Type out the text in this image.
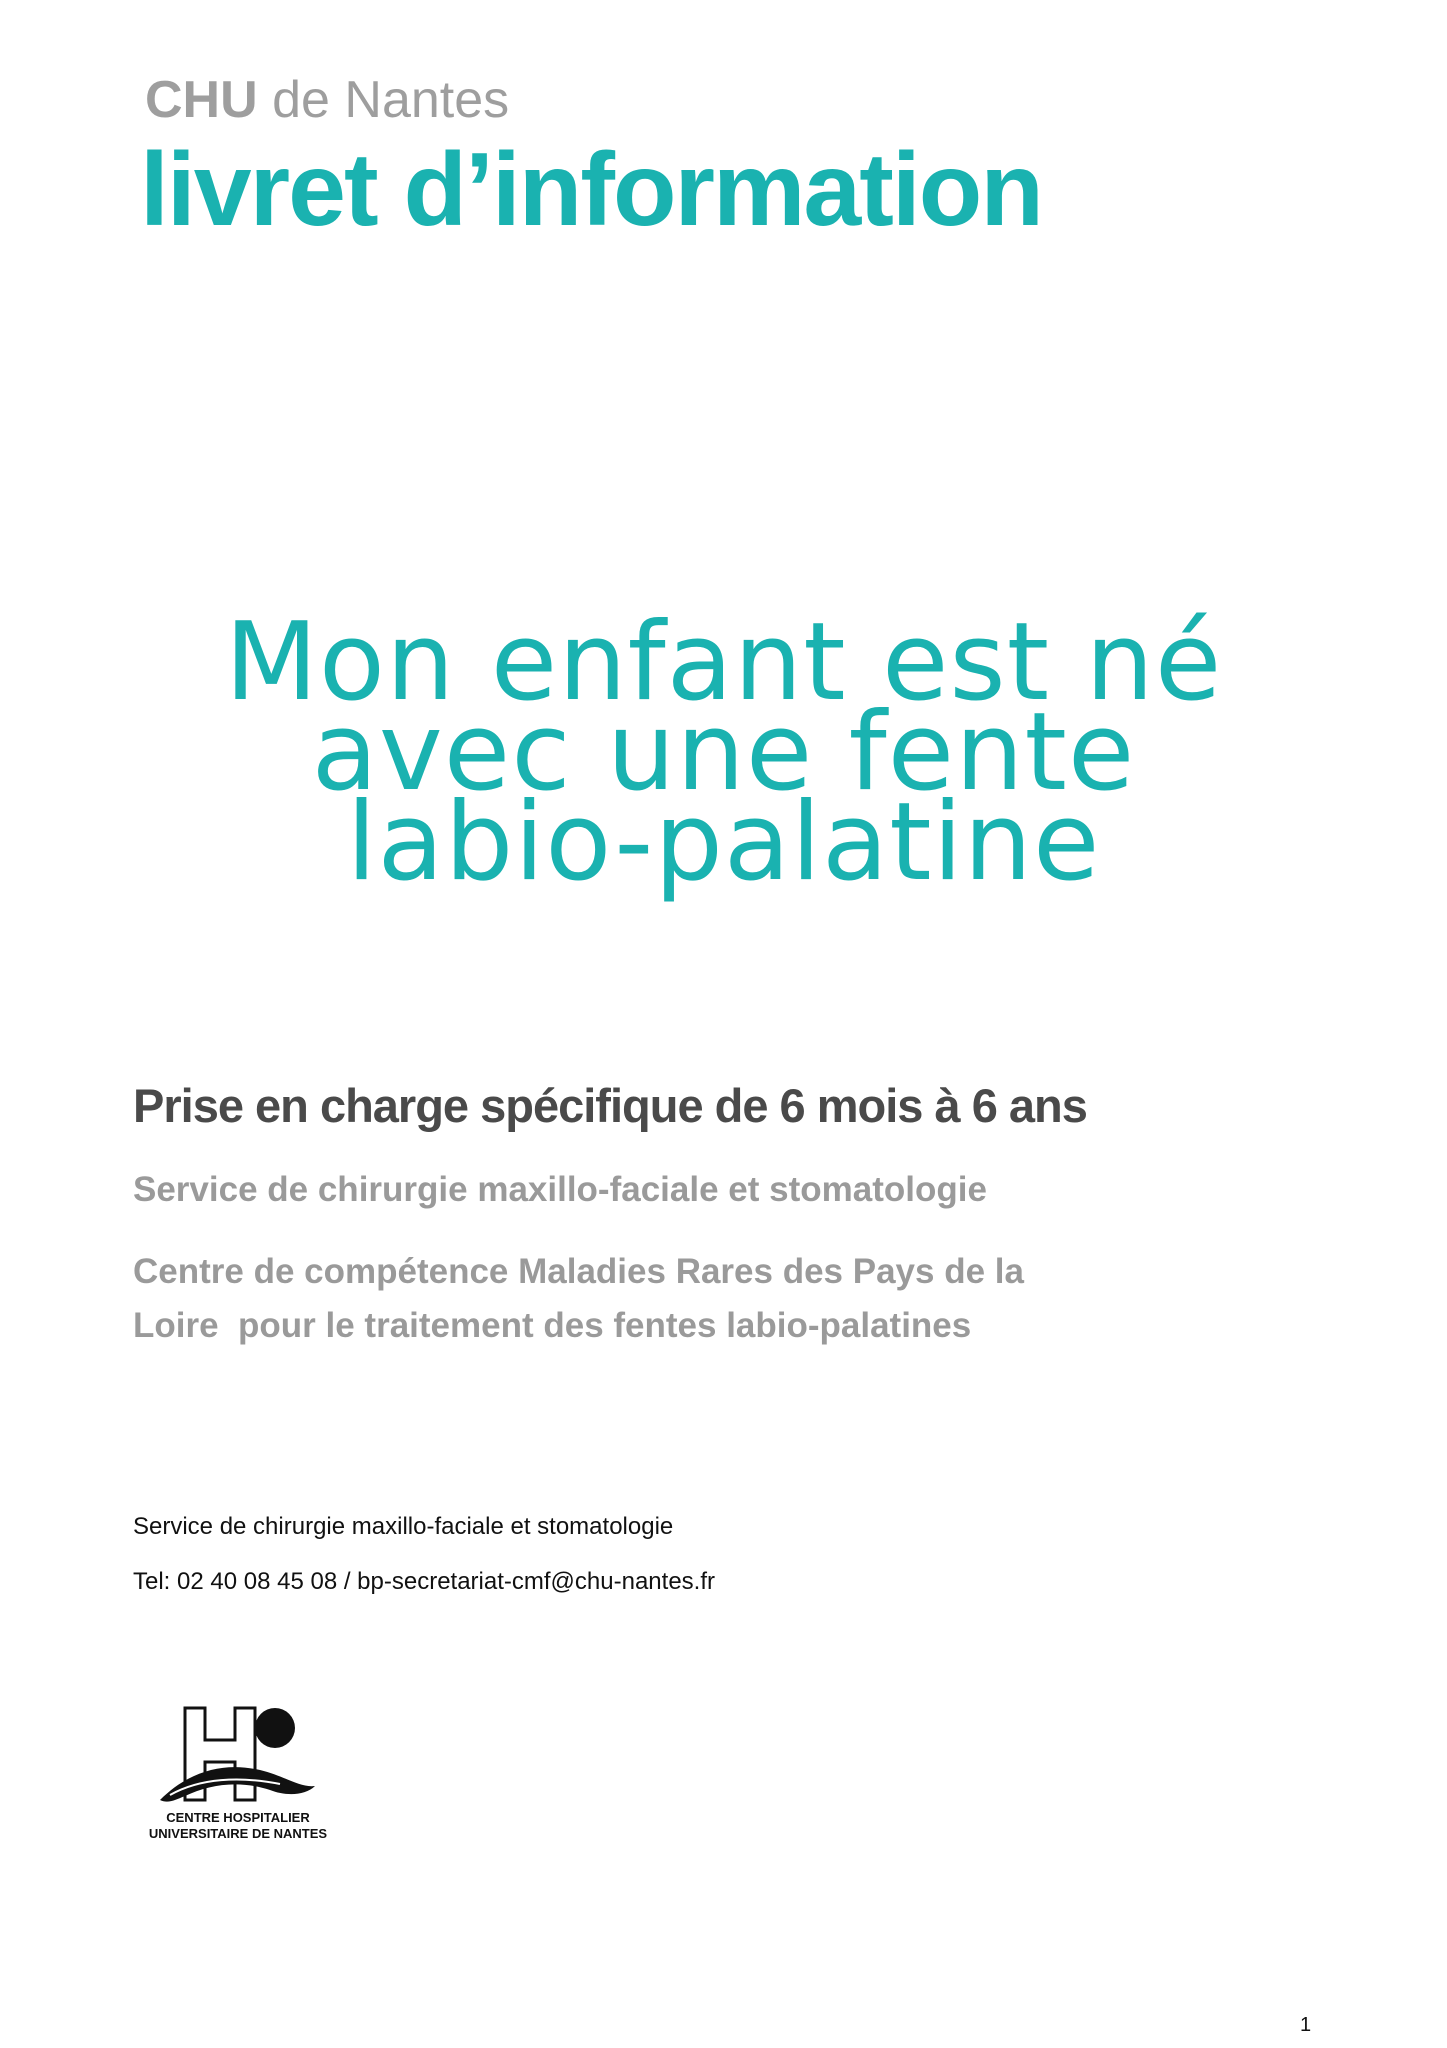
CHU de Nantes
livret d’information
Mon enfant est né
avec une fente
labio-palatine
Prise en charge spécifique de 6 mois à 6 ans
Service de chirurgie maxillo-faciale et stomatologie
Centre de compétence Maladies Rares des Pays de la
Loire  pour le traitement des fentes labio-palatines
Service de chirurgie maxillo-faciale et stomatologie
Tel: 02 40 08 45 08 / bp-secretariat-cmf@chu-nantes.fr
CENTRE HOSPITALIER
UNIVERSITAIRE DE NANTES
1
